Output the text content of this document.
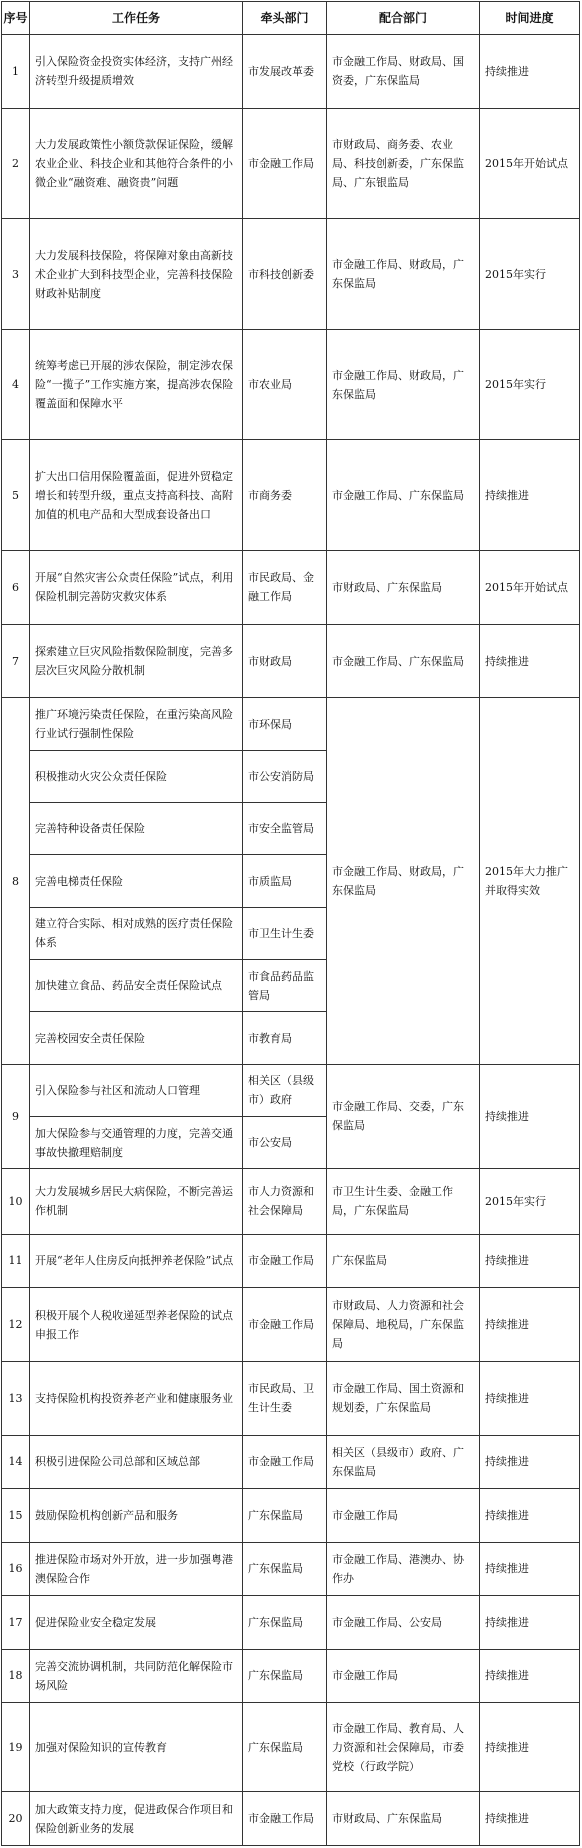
序号	工作任务	牵头部门	配合部门	时间进度

1	引入保险资金投资实体经济，支持广州经济转型升级提质增效	市发展改革委	市金融工作局、财政局、国资委，广东保监局	持续推进

2	大力发展政策性小额贷款保证保险，缓解农业企业、科技企业和其他符合条件的小微企业“融资难、融资贵”问题	市金融工作局	市财政局、商务委、农业局、科技创新委，广东保监局、广东银监局	2015年开始试点

3	大力发展科技保险，将保障对象由高新技术企业扩大到科技型企业，完善科技保险财政补贴制度	市科技创新委	市金融工作局、财政局，广东保监局	2015年实行

4	统筹考虑已开展的涉农保险，制定涉农保险“一揽子”工作实施方案，提高涉农保险覆盖面和保障水平	市农业局	市金融工作局、财政局，广东保监局	2015年实行

5	扩大出口信用保险覆盖面，促进外贸稳定增长和转型升级，重点支持高科技、高附加值的机电产品和大型成套设备出口	市商务委	市金融工作局、广东保监局	持续推进

6	开展“自然灾害公众责任保险”试点，利用保险机制完善防灾救灾体系	市民政局、金融工作局	市财政局、广东保监局	2015年开始试点

7	探索建立巨灾风险指数保险制度，完善多层次巨灾风险分散机制	市财政局	市金融工作局、广东保监局	持续推进

8	推广环境污染责任保险，在重污染高风险行业试行强制性保险	市环保局	市金融工作局、财政局，广东保监局	2015年大力推广并取得实效

	积极推动火灾公众责任保险	市公安消防局		

	完善特种设备责任保险	市安全监管局		

	完善电梯责任保险	市质监局		

	建立符合实际、相对成熟的医疗责任保险体系	市卫生计生委		

	加快建立食品、药品安全责任保险试点	市食品药品监管局		

	完善校园安全责任保险	市教育局		

9	引入保险参与社区和流动人口管理	相关区（县级市）政府	市金融工作局、交委，广东保监局	持续推进

	加大保险参与交通管理的力度，完善交通事故快撤理赔制度	市公安局		

10	大力发展城乡居民大病保险，不断完善运作机制	市人力资源和社会保障局	市卫生计生委、金融工作局，广东保监局	2015年实行

11	开展“老年人住房反向抵押养老保险”试点	市金融工作局	广东保监局	持续推进

12	积极开展个人税收递延型养老保险的试点申报工作	市金融工作局	市财政局、人力资源和社会保障局、地税局，广东保监局	持续推进

13	支持保险机构投资养老产业和健康服务业	市民政局、卫生计生委	市金融工作局、国土资源和规划委，广东保监局	持续推进

14	积极引进保险公司总部和区域总部	市金融工作局	相关区（县级市）政府、广东保监局	持续推进

15	鼓励保险机构创新产品和服务	广东保监局	市金融工作局	持续推进

16	推进保险市场对外开放，进一步加强粤港澳保险合作	广东保监局	市金融工作局、港澳办、协作办	持续推进

17	促进保险业安全稳定发展	广东保监局	市金融工作局、公安局	持续推进

18	完善交流协调机制，共同防范化解保险市场风险	广东保监局	市金融工作局	持续推进

19	加强对保险知识的宣传教育	广东保监局	市金融工作局、教育局、人力资源和社会保障局，市委党校（行政学院）	持续推进

20	加大政策支持力度，促进政保合作项目和保险创新业务的发展	市金融工作局	市财政局、广东保监局	持续推进
